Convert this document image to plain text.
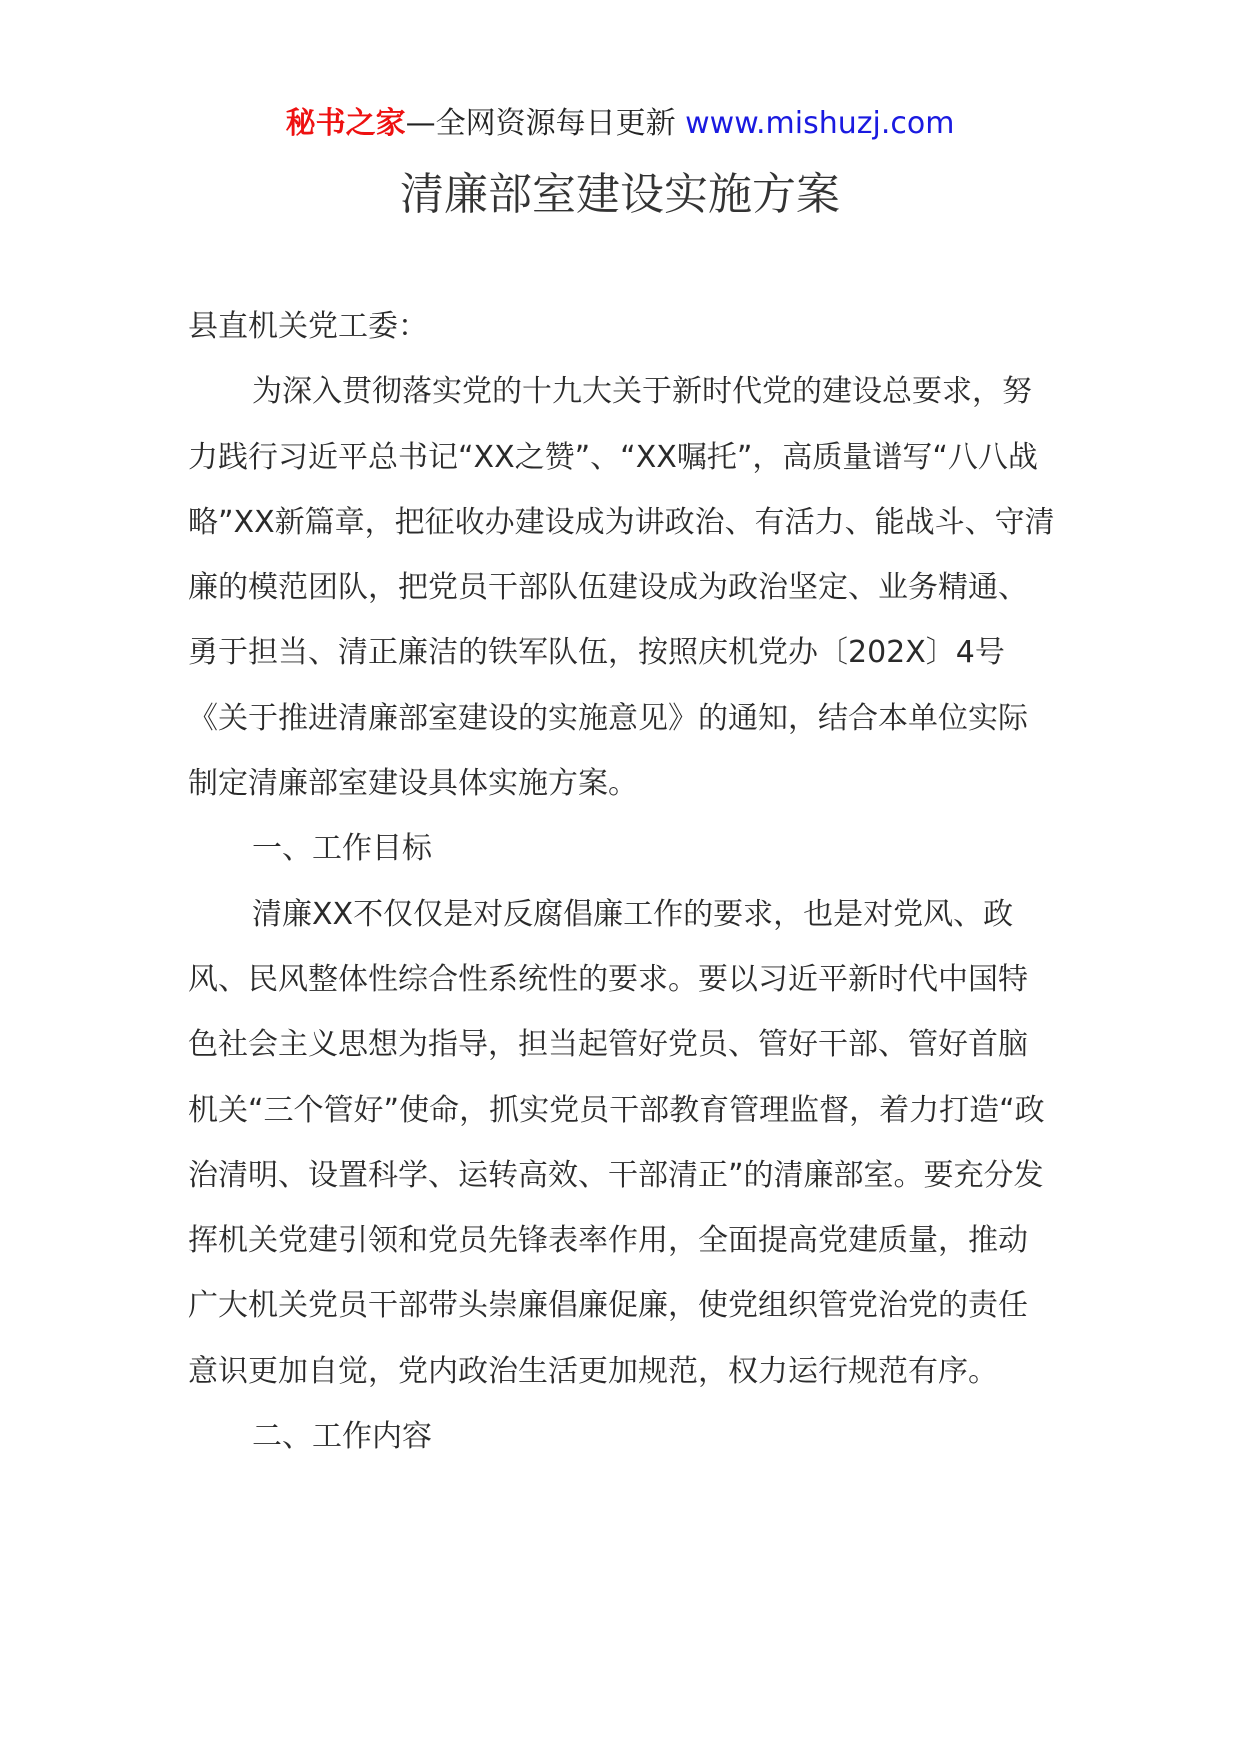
秘书之家—全网资源每日更新 www.mishuzj.com
清廉部室建设实施方案

县直机关党工委：

为深入贯彻落实党的十九大关于新时代党的建设总要求，努力践行习近平总书记“XX之赞”、“XX嘱托”，高质量谱写“八八战略”XX新篇章，把征收办建设成为讲政治、有活力、能战斗、守清廉的模范团队，把党员干部队伍建设成为政治坚定、业务精通、勇于担当、清正廉洁的铁军队伍，按照庆机党办〔202X〕4号《关于推进清廉部室建设的实施意见》的通知，结合本单位实际制定清廉部室建设具体实施方案。

一、工作目标

清廉XX不仅仅是对反腐倡廉工作的要求，也是对党风、政风、民风整体性综合性系统性的要求。要以习近平新时代中国特色社会主义思想为指导，担当起管好党员、管好干部、管好首脑机关“三个管好”使命，抓实党员干部教育管理监督，着力打造“政治清明、设置科学、运转高效、干部清正”的清廉部室。要充分发挥机关党建引领和党员先锋表率作用，全面提高党建质量，推动广大机关党员干部带头崇廉倡廉促廉，使党组织管党治党的责任意识更加自觉，党内政治生活更加规范，权力运行规范有序。

二、工作内容
